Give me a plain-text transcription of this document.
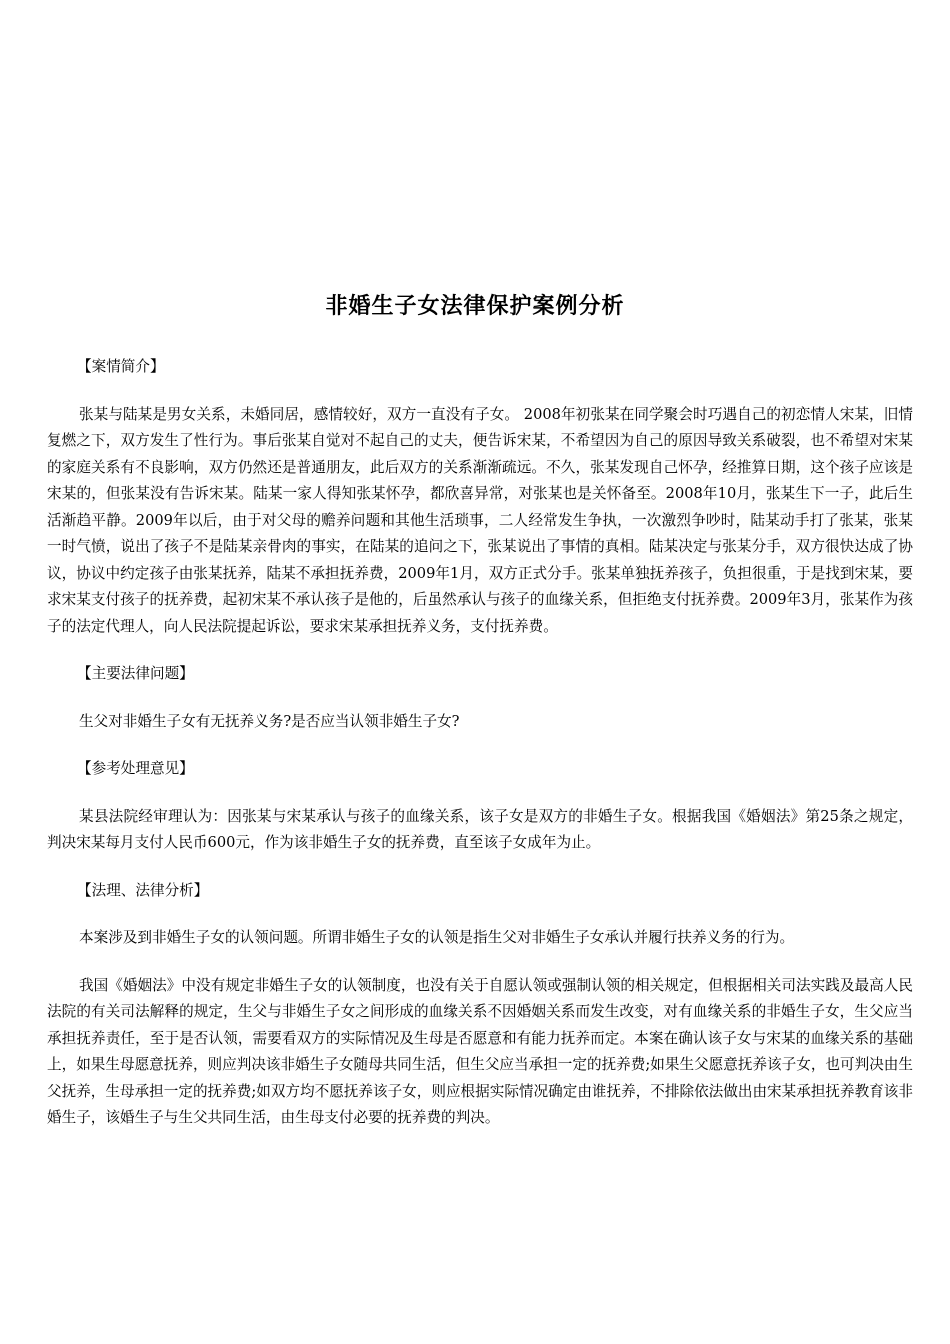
非婚生子女法律保护案例分析
【案情简介】
张某与陆某是男女关系，未婚同居，感情较好，双方一直没有子女。 2008年初张某在同学聚会时巧遇自己的初恋情人宋某，旧情复燃之下，双方发生了性行为。事后张某自觉对不起自己的丈夫，便告诉宋某，不希望因为自己的原因导致关系破裂，也不希望对宋某的家庭关系有不良影响，双方仍然还是普通朋友，此后双方的关系渐渐疏远。不久，张某发现自己怀孕，经推算日期，这个孩子应该是宋某的，但张某没有告诉宋某。陆某一家人得知张某怀孕，都欣喜异常，对张某也是关怀备至。2008年10月，张某生下一子，此后生活渐趋平静。2009年以后，由于对父母的赡养问题和其他生活琐事，二人经常发生争执，一次激烈争吵时，陆某动手打了张某，张某一时气愤，说出了孩子不是陆某亲骨肉的事实，在陆某的追问之下，张某说出了事情的真相。陆某决定与张某分手，双方很快达成了协议，协议中约定孩子由张某抚养，陆某不承担抚养费，2009年1月，双方正式分手。张某单独抚养孩子，负担很重，于是找到宋某，要求宋某支付孩子的抚养费，起初宋某不承认孩子是他的，后虽然承认与孩子的血缘关系，但拒绝支付抚养费。2009年3月，张某作为孩子的法定代理人，向人民法院提起诉讼，要求宋某承担抚养义务，支付抚养费。
【主要法律问题】
生父对非婚生子女有无抚养义务?是否应当认领非婚生子女?
【参考处理意见】
某县法院经审理认为：因张某与宋某承认与孩子的血缘关系，该子女是双方的非婚生子女。根据我国《婚姻法》第25条之规定，判决宋某每月支付人民币600元，作为该非婚生子女的抚养费，直至该子女成年为止。
【法理、法律分析】
本案涉及到非婚生子女的认领问题。所谓非婚生子女的认领是指生父对非婚生子女承认并履行扶养义务的行为。
我国《婚姻法》中没有规定非婚生子女的认领制度，也没有关于自愿认领或强制认领的相关规定，但根据相关司法实践及最高人民法院的有关司法解释的规定，生父与非婚生子女之间形成的血缘关系不因婚姻关系而发生改变，对有血缘关系的非婚生子女，生父应当承担抚养责任，至于是否认领，需要看双方的实际情况及生母是否愿意和有能力抚养而定。本案在确认该子女与宋某的血缘关系的基础上，如果生母愿意抚养，则应判决该非婚生子女随母共同生活，但生父应当承担一定的抚养费;如果生父愿意抚养该子女，也可判决由生父抚养，生母承担一定的抚养费;如双方均不愿抚养该子女，则应根据实际情况确定由谁抚养，不排除依法做出由宋某承担抚养教育该非婚生子，该婚生子与生父共同生活，由生母支付必要的抚养费的判决。
